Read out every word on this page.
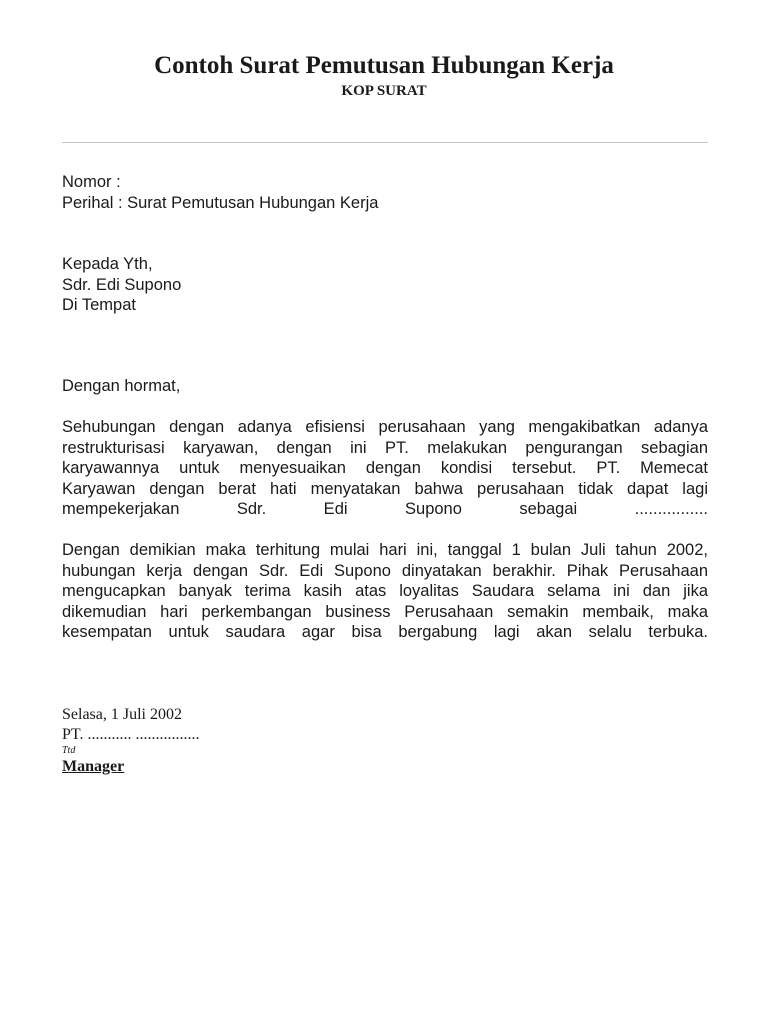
Contoh Surat Pemutusan Hubungan Kerja
KOP SURAT
Nomor :
Perihal : Surat Pemutusan Hubungan Kerja
Kepada Yth,
Sdr. Edi Supono
Di Tempat
Dengan hormat,
Sehubungan dengan adanya efisiensi perusahaan yang mengakibatkan adanya
restrukturisasi karyawan, dengan ini PT. melakukan pengurangan sebagian
karyawannya untuk menyesuaikan dengan kondisi tersebut. PT. Memecat
Karyawan dengan berat hati menyatakan bahwa perusahaan tidak dapat lagi
mempekerjakan Sdr. Edi Supono sebagai ................
Dengan demikian maka terhitung mulai hari ini, tanggal 1 bulan Juli tahun 2002,
hubungan kerja dengan Sdr. Edi Supono dinyatakan berakhir. Pihak Perusahaan
mengucapkan banyak terima kasih atas loyalitas Saudara selama ini dan jika
dikemudian hari perkembangan business Perusahaan semakin membaik, maka
kesempatan untuk saudara agar bisa bergabung lagi akan selalu terbuka.
Selasa, 1 Juli 2002
PT. ........... ................
Ttd
Manager
